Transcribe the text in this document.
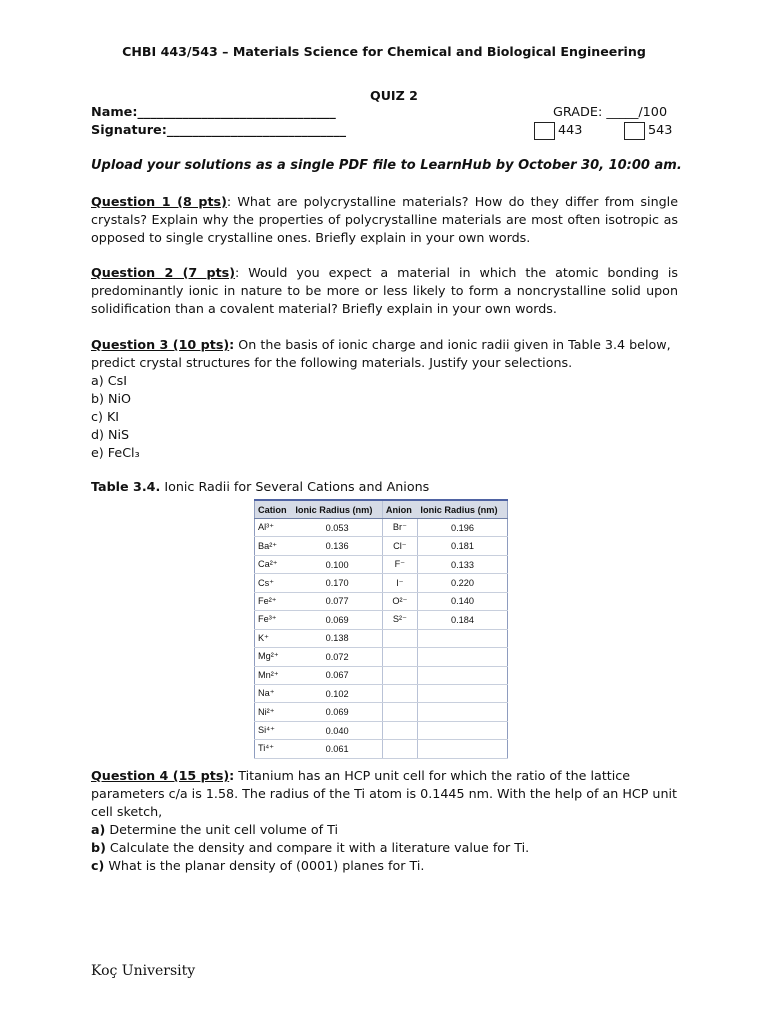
CHBI 443/543 – Materials Science for Chemical and Biological Engineering
QUIZ 2
Name:_______________________________
Signature:____________________________
GRADE: _____/100
443	543
Upload your solutions as a single PDF file to LearnHub by October 30, 10:00 am.
Question 1 (8 pts): What are polycrystalline materials? How do they differ from single crystals? Explain why the properties of polycrystalline materials are most often isotropic as opposed to single crystalline ones. Briefly explain in your own words.
Question 2 (7 pts): Would you expect a material in which the atomic bonding is predominantly ionic in nature to be more or less likely to form a noncrystalline solid upon solidification than a covalent material? Briefly explain in your own words.
Question 3 (10 pts): On the basis of ionic charge and ionic radii given in Table 3.4 below, predict crystal structures for the following materials. Justify your selections.
a) CsI
b) NiO
c) KI
d) NiS
e) FeCl₃
Table 3.4. Ionic Radii for Several Cations and Anions
Cation	Ionic Radius (nm)	Anion	Ionic Radius (nm)
Al³⁺	0.053	Br⁻	0.196
Ba²⁺	0.136	Cl⁻	0.181
Ca²⁺	0.100	F⁻	0.133
Cs⁺	0.170	I⁻	0.220
Fe²⁺	0.077	O²⁻	0.140
Fe³⁺	0.069	S²⁻	0.184
K⁺	0.138		
Mg²⁺	0.072		
Mn²⁺	0.067		
Na⁺	0.102		
Ni²⁺	0.069		
Si⁴⁺	0.040		
Ti⁴⁺	0.061		
Question 4 (15 pts): Titanium has an HCP unit cell for which the ratio of the lattice parameters c/a is 1.58. The radius of the Ti atom is 0.1445 nm. With the help of an HCP unit cell sketch,
a) Determine the unit cell volume of Ti
b) Calculate the density and compare it with a literature value for Ti.
c) What is the planar density of (0001) planes for Ti.
Koç University
